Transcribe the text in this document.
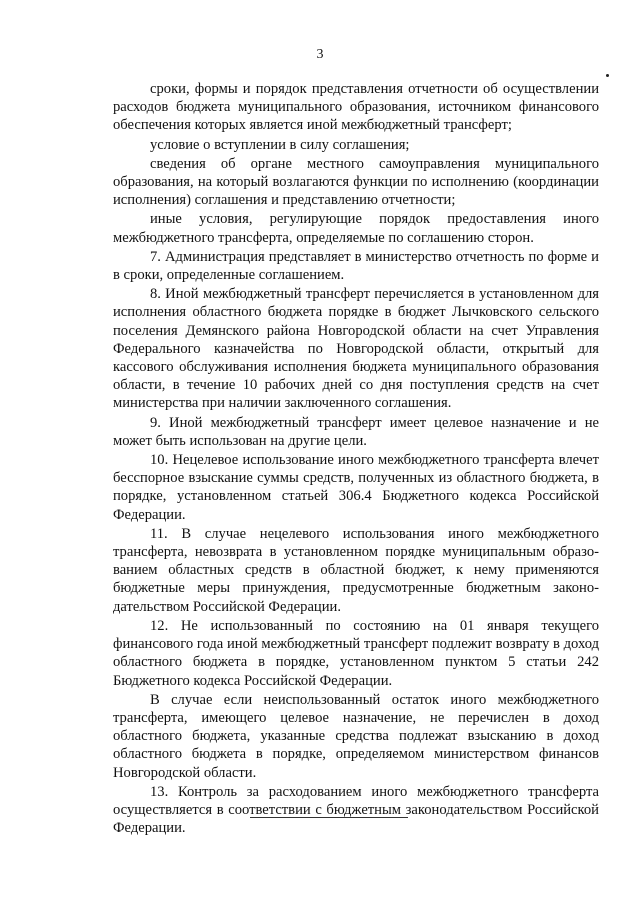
3

сроки, формы и порядок представления отчетности об осуществлении расходов бюджета муниципального образования, источником финансового обеспечения которых является иной межбюджетный трансферт;

условие о вступлении в силу соглашения;

сведения об органе местного самоуправления муниципального образования, на который возлагаются функции по исполнению (координации исполнения) соглашения и представлению отчетности;

иные условия, регулирующие порядок предоставления иного межбюджетного трансферта, определяемые по соглашению сторон.

7. Администрация представляет в министерство отчетность по форме и в сроки, определенные соглашением.

8. Иной межбюджетный трансферт перечисляется в установленном для исполнения областного бюджета порядке в бюджет Лычковского сельского поселения Демянского района Новгородской области на счет Управления Федерального казначейства по Новгородской области, открытый для кассового обслуживания исполнения бюджета муниципального образования области, в течение 10 рабочих дней со дня поступления средств на счет министерства при наличии заключенного соглашения.

9. Иной межбюджетный трансферт имеет целевое назначение и не может быть использован на другие цели.

10. Нецелевое использование иного межбюджетного трансферта влечет бесспорное взыскание суммы средств, полученных из областного бюджета, в порядке, установленном статьей 306.4 Бюджетного кодекса Российской Федерации.

11. В случае нецелевого использования иного межбюджетного трансферта, невозврата в установленном порядке муниципальным образованием областных средств в областной бюджет, к нему применяются бюджетные меры принуждения, предусмотренные бюджетным законодательством Российской Федерации.

12. Не использованный по состоянию на 01 января текущего финансового года иной межбюджетный трансферт подлежит возврату в доход областного бюджета в порядке, установленном пунктом 5 статьи 242 Бюджетного кодекса Российской Федерации.

В случае если неиспользованный остаток иного межбюджетного трансферта, имеющего целевое назначение, не перечислен в доход областного бюджета, указанные средства подлежат взысканию в доход областного бюджета в порядке, определяемом министерством финансов Новгородской области.

13. Контроль за расходованием иного межбюджетного трансферта осуществляется в соответствии с бюджетным законодательством Российской Федерации.
